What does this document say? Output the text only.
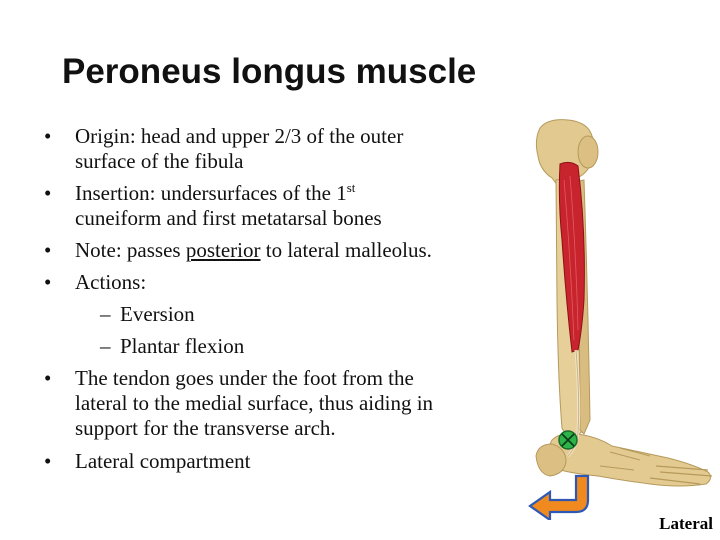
Peroneus longus muscle
• Origin: head and upper 2/3 of the outer
surface of the fibula
• Insertion: undersurfaces of the 1st
cuneiform and first metatarsal bones
• Note: passes posterior to lateral malleolus.
• Actions:
– Eversion
– Plantar flexion
• The tendon goes under the foot from the
lateral to the medial surface, thus aiding in
support for the transverse arch.
• Lateral compartment
Lateral
